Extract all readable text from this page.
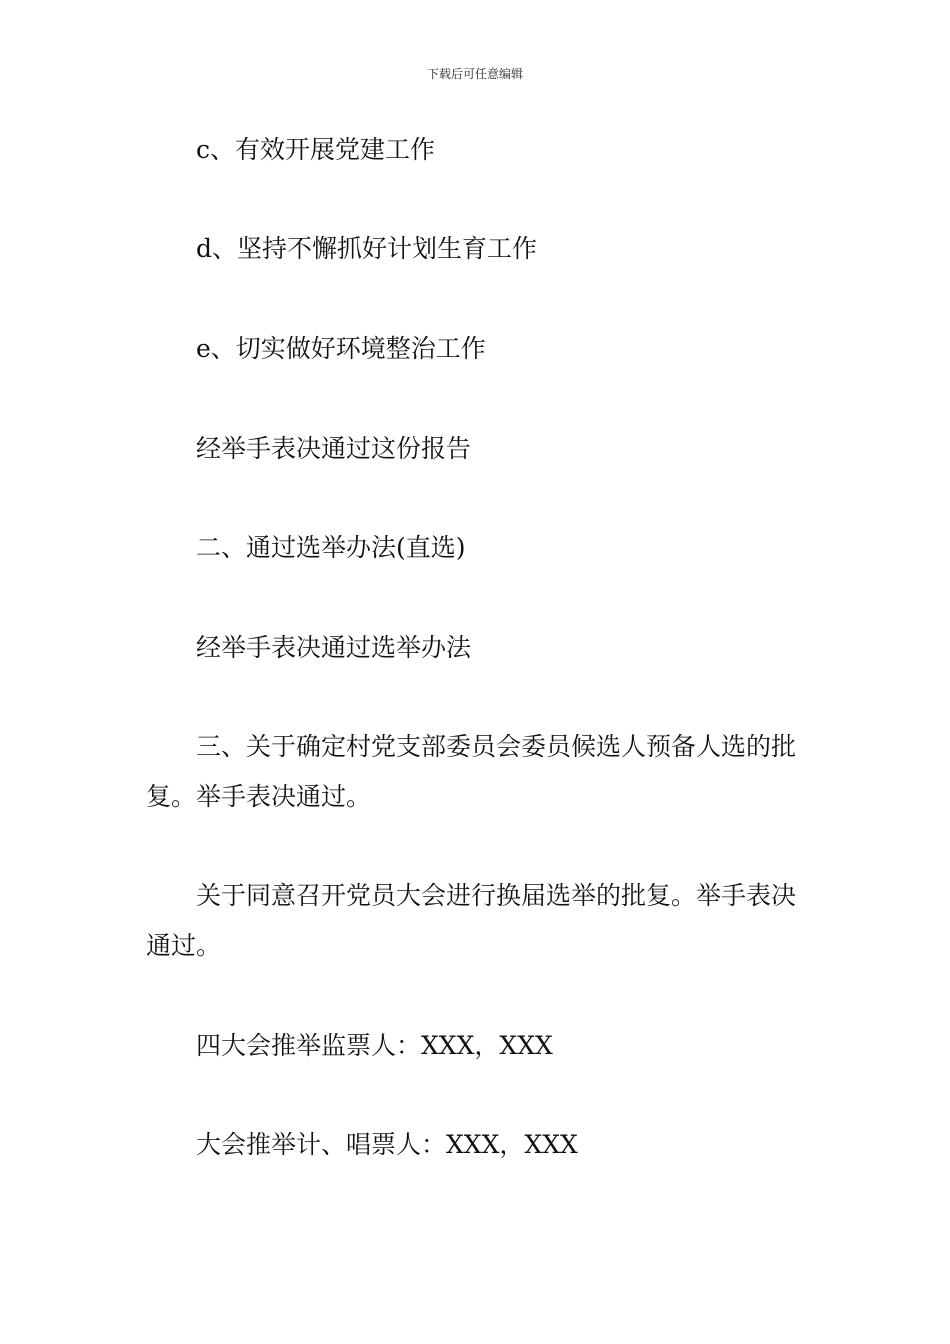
下载后可任意编辑

c、有效开展党建工作

d、坚持不懈抓好计划生育工作

e、切实做好环境整治工作

经举手表决通过这份报告

二、通过选举办法(直选)

经举手表决通过选举办法

三、关于确定村党支部委员会委员候选人预备人选的批复。举手表决通过。

关于同意召开党员大会进行换届选举的批复。举手表决通过。

四大会推举监票人：XXX，XXX

大会推举计、唱票人：XXX，XXX
